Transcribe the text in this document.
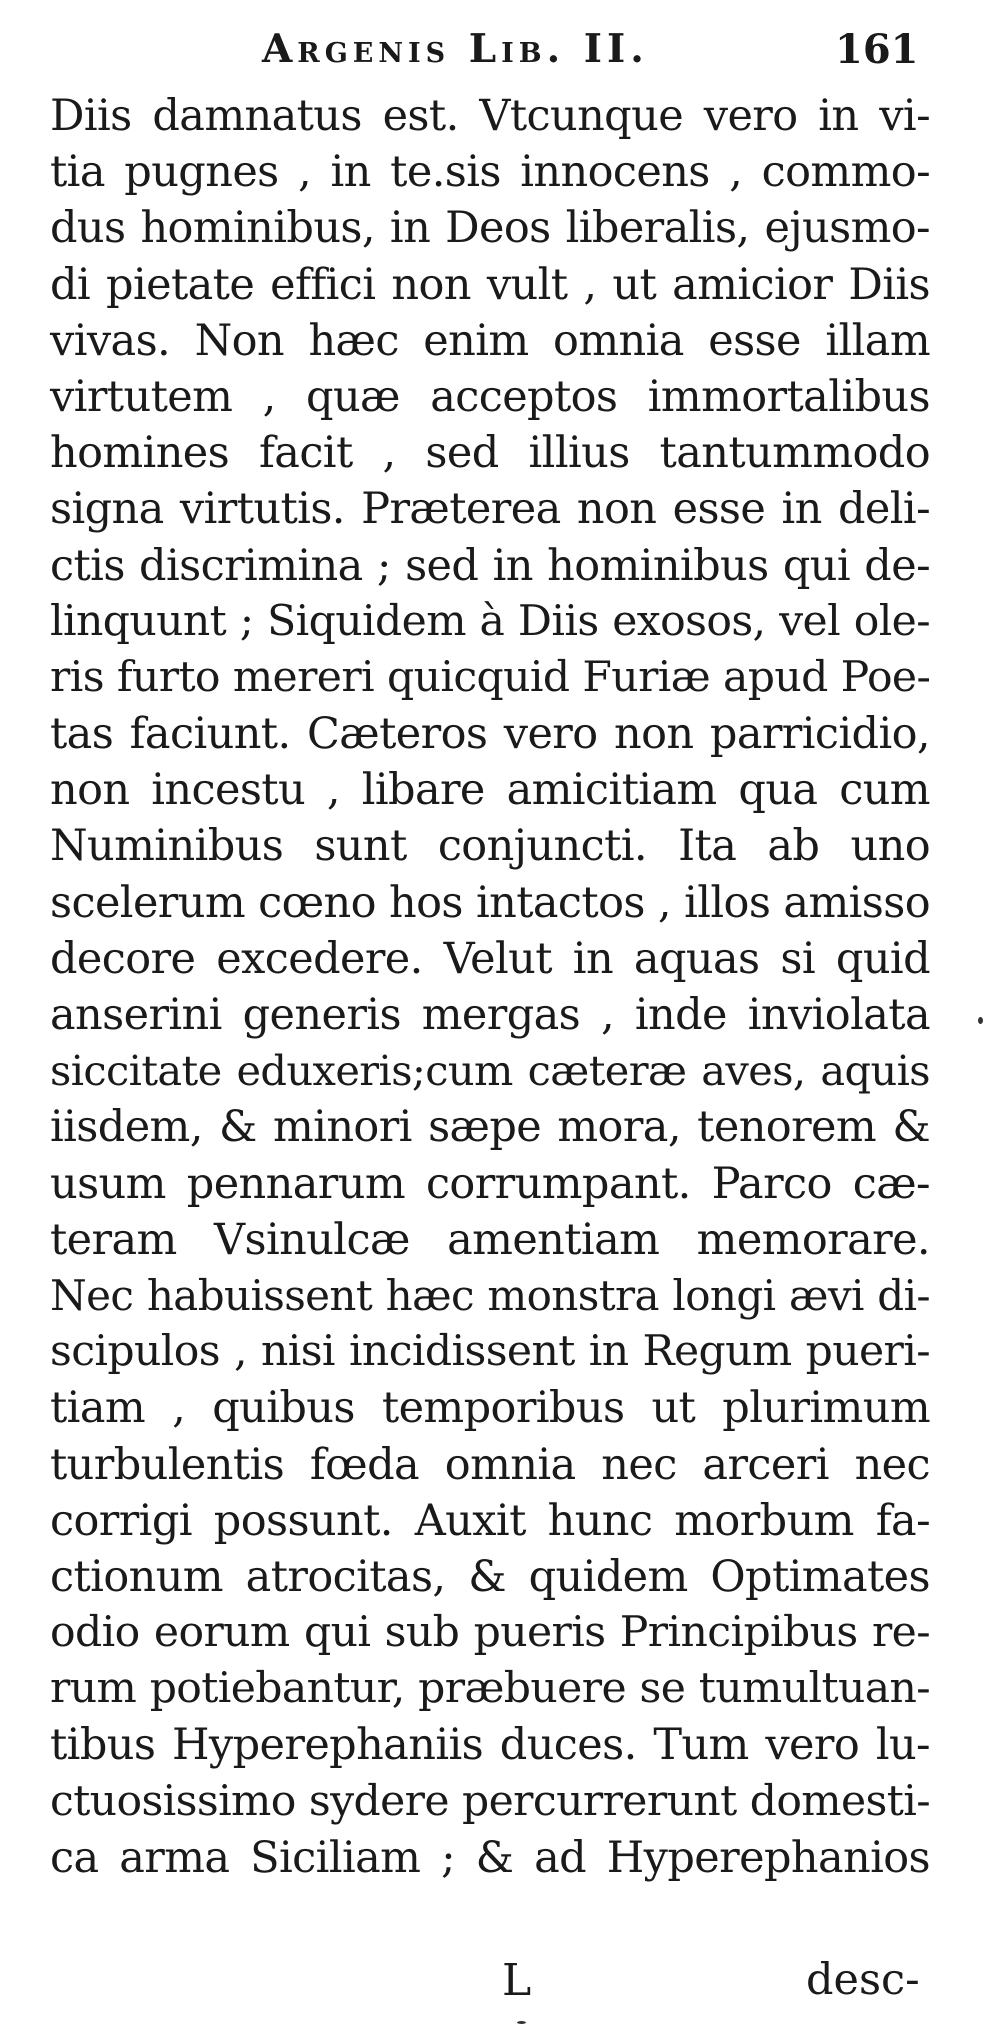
Argenis Lib. II.	161
Diis damnatus est. Vtcunque vero in vi-
tia pugnes , in te.sis innocens , commo-
dus hominibus, in Deos liberalis, ejusmo-
di pietate effici non vult , ut amicior Diis
vivas. Non hæc enim omnia esse illam
virtutem , quæ acceptos immortalibus
homines facit , sed illius tantummodo
signa virtutis. Præterea non esse in deli-
ctis discrimina ; sed in hominibus qui de-
linquunt ; Siquidem à Diis exosos, vel ole-
ris furto mereri quicquid Furiæ apud Poe-
tas faciunt. Cæteros vero non parricidio,
non incestu , libare amicitiam qua cum
Numinibus sunt conjuncti. Ita ab uno
scelerum cœno hos intactos , illos amisso
decore excedere. Velut in aquas si quid
anserini generis mergas , inde inviolata
siccitate eduxeris;cum cæteræ aves, aquis
iisdem, & minori sæpe mora, tenorem &
usum pennarum corrumpant. Parco cæ-
teram Vsinulcæ amentiam memorare.
Nec habuissent hæc monstra longi ævi di-
scipulos , nisi incidissent in Regum pueri-
tiam , quibus temporibus ut plurimum
turbulentis fœda omnia nec arceri nec
corrigi possunt. Auxit hunc morbum fa-
ctionum atrocitas, & quidem Optimates
odio eorum qui sub pueris Principibus re-
rum potiebantur, præbuere se tumultuan-
tibus Hyperephaniis duces. Tum vero lu-
ctuosissimo sydere percurrerunt domesti-
ca arma Siciliam ; & ad Hyperephanios
L	desc-
